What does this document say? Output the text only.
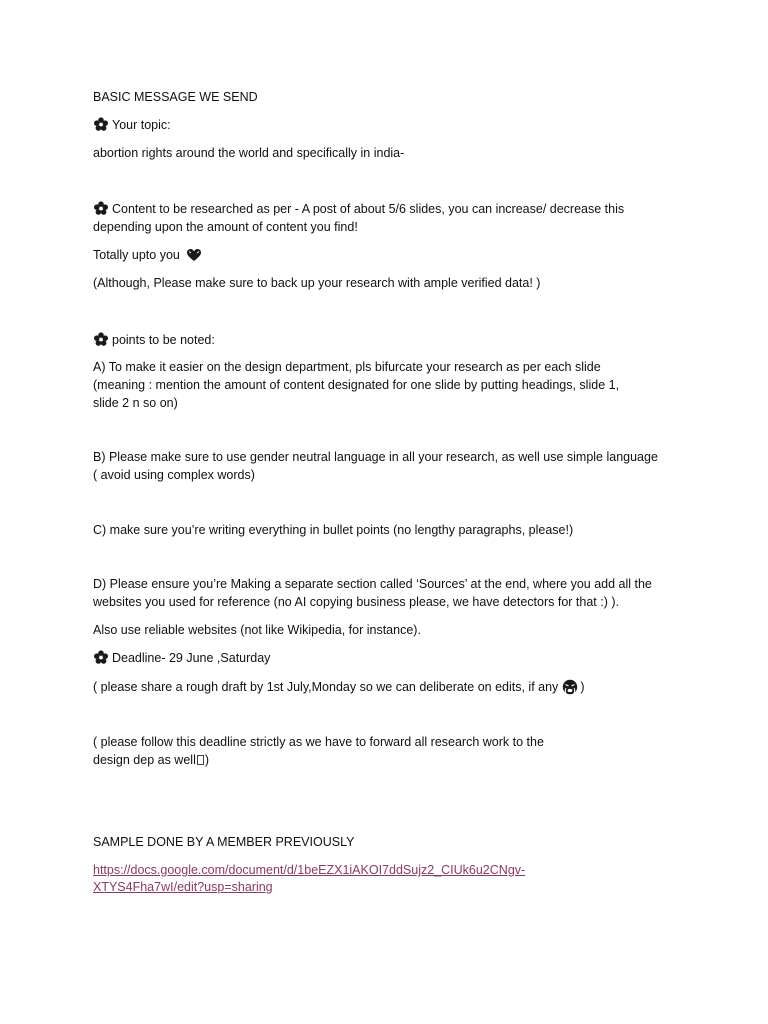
BASIC MESSAGE WE SEND
Your topic:
abortion rights around the world and specifically in india-
Content to be researched as per - A post of about 5/6 slides, you can increase/ decrease this
depending upon the amount of content you find!
Totally upto you
(Although, Please make sure to back up your research with ample verified data! )
points to be noted:
A) To make it easier on the design department, pls bifurcate your research as per each slide
(meaning : mention the amount of content designated for one slide by putting headings, slide 1,
slide 2 n so on)
B) Please make sure to use gender neutral language in all your research, as well use simple language
( avoid using complex words)
C) make sure you’re writing everything in bullet points (no lengthy paragraphs, please!)
D) Please ensure you’re Making a separate section called ‘Sources’ at the end, where you add all the
websites you used for reference (no AI copying business please, we have detectors for that :) ).
Also use reliable websites (not like Wikipedia, for instance).
Deadline- 29 June ,Saturday
( please share a rough draft by 1st July,Monday so we can deliberate on edits, if any )
( please follow this deadline strictly as we have to forward all research work to the
design dep as well )
SAMPLE DONE BY A MEMBER PREVIOUSLY
https://docs.google.com/document/d/1beEZX1iAKOI7ddSujz2_CIUk6u2CNgv-
XTYS4Fha7wI/edit?usp=sharing
